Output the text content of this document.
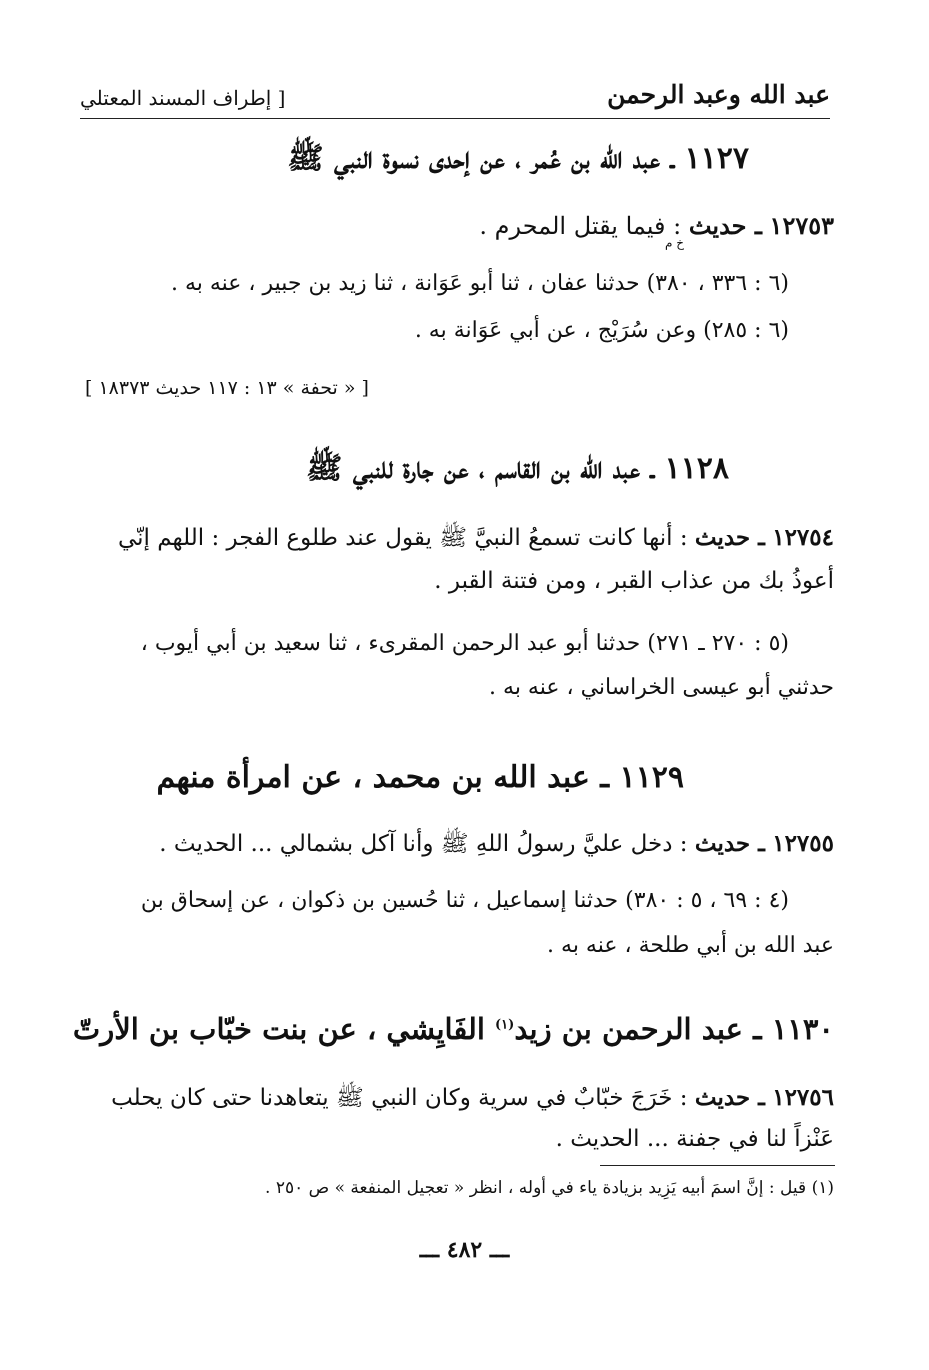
عبد الله وعبد الرحمن
[ إطراف المسند المعتلي
١١٢٧ ـ عبد الله بن عُمر ، عن إحدى نسوة النبي ﷺ
١٢٧٥٣ ـ حديث : فيما يقتل المحرم .
خ م
(٦ : ٣٣٦ ، ٣٨٠) حدثنا عفان ، ثنا أبو عَوَانة ، ثنا زيد بن جبير ، عنه به .
(٦ : ٢٨٥) وعن سُرَيْج ، عن أبي عَوَانة به .
[ « تحفة » ١٣ : ١١٧ حديث ١٨٣٧٣ ]
١١٢٨ ـ عبد الله بن القاسم ، عن جارة للنبي ﷺ
١٢٧٥٤ ـ حديث : أنها كانت تسمعُ النبيَّ ﷺ يقول عند طلوع الفجر : اللهم إنّي
أعوذُ بك من عذاب القبر ، ومن فتنة القبر .
(٥ : ٢٧٠ ـ ٢٧١) حدثنا أبو عبد الرحمن المقرىء ، ثنا سعيد بن أبي أيوب ،
حدثني أبو عيسى الخراساني ، عنه به .
١١٢٩ ـ عبد الله بن محمد ، عن امرأة منهم
١٢٧٥٥ ـ حديث : دخل عليَّ رسولُ اللهِ ﷺ وأنا آكل بشمالي ... الحديث .
(٤ : ٦٩ ، ٥ : ٣٨٠) حدثنا إسماعيل ، ثنا حُسين بن ذكوان ، عن إسحاق بن
عبد الله بن أبي طلحة ، عنه به .
١١٣٠ ـ عبد الرحمن بن زيد$^{(١)}$ الفَايِشي ، عن بنت خبّاب بن الأرتّ
١٢٧٥٦ ـ حديث : خَرَجَ خبّابٌ في سرية وكان النبي ﷺ يتعاهدنا حتى كان يحلب
عَنْزاً لنا في جفنة ... الحديث .
(١) قيل : إنَّ اسمَ أبيه يَزِيد بزيادة ياء في أوله ، انظر « تعجيل المنفعة » ص ٢٥٠ .
ـــ ٤٨٢ ـــ
